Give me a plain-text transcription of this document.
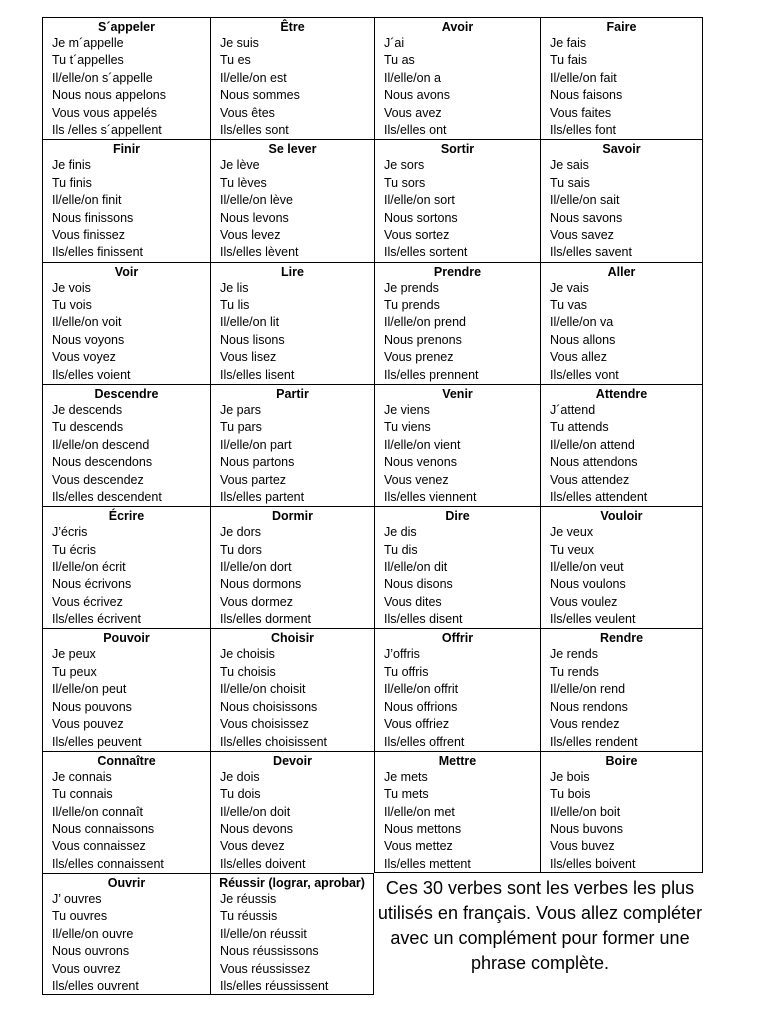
S´appeler
Je m´appelle
Tu t´appelles
Il/elle/on s´appelle
Nous nous appelons
Vous vous appelés
Ils /elles s´appellent
Être
Je suis
Tu es
Il/elle/on est
Nous sommes
Vous êtes
Ils/elles sont
Avoir
J´ai
Tu as
Il/elle/on a
Nous avons
Vous avez
Ils/elles ont
Faire
Je fais
Tu fais
Il/elle/on fait
Nous faisons
Vous faites
Ils/elles font
Finir
Je finis
Tu finis
Il/elle/on finit
Nous finissons
Vous finissez
Ils/elles finissent
Se lever
Je lève
Tu lèves
Il/elle/on lève
Nous levons
Vous levez
Ils/elles lèvent
Sortir
Je sors
Tu sors
Il/elle/on sort
Nous sortons
Vous sortez
Ils/elles sortent
Savoir
Je sais
Tu sais
Il/elle/on sait
Nous savons
Vous savez
Ils/elles savent
Voir
Je vois
Tu vois
Il/elle/on voit
Nous voyons
Vous voyez
Ils/elles voient
Lire
Je lis
Tu lis
Il/elle/on lit
Nous lisons
Vous lisez
Ils/elles lisent
Prendre
Je prends
Tu prends
Il/elle/on prend
Nous prenons
Vous prenez
Ils/elles prennent
Aller
Je vais
Tu vas
Il/elle/on va
Nous allons
Vous allez
Ils/elles vont
Descendre
Je descends
Tu descends
Il/elle/on descend
Nous descendons
Vous descendez
Ils/elles descendent
Partir
Je pars
Tu pars
Il/elle/on part
Nous partons
Vous partez
Ils/elles partent
Venir
Je viens
Tu viens
Il/elle/on vient
Nous venons
Vous venez
Ils/elles viennent
Attendre
J´attend
Tu attends
Il/elle/on attend
Nous attendons
Vous attendez
Ils/elles attendent
Écrire
J’écris
Tu écris
Il/elle/on écrit
Nous écrivons
Vous écrivez
Ils/elles écrivent
Dormir
Je dors
Tu dors
Il/elle/on dort
Nous dormons
Vous dormez
Ils/elles dorment
Dire
Je dis
Tu dis
Il/elle/on dit
Nous disons
Vous dites
Ils/elles disent
Vouloir
Je veux
Tu veux
Il/elle/on veut
Nous voulons
Vous voulez
Ils/elles veulent
Pouvoir
Je peux
Tu peux
Il/elle/on peut
Nous pouvons
Vous pouvez
Ils/elles peuvent
Choisir
Je choisis
Tu choisis
Il/elle/on choisit
Nous choisissons
Vous choisissez
Ils/elles choisissent
Offrir
J’offris
Tu offris
Il/elle/on offrit
Nous offrions
Vous offriez
Ils/elles offrent
Rendre
Je rends
Tu rends
Il/elle/on rend
Nous rendons
Vous rendez
Ils/elles rendent
Connaître
Je connais
Tu connais
Il/elle/on connaît
Nous connaissons
Vous connaissez
Ils/elles connaissent
Devoir
Je dois
Tu dois
Il/elle/on doit
Nous devons
Vous devez
Ils/elles doivent
Mettre
Je mets
Tu mets
Il/elle/on met
Nous mettons
Vous mettez
Ils/elles mettent
Boire
Je bois
Tu bois
Il/elle/on boit
Nous buvons
Vous buvez
Ils/elles boivent
Ouvrir
J’ ouvres
Tu ouvres
Il/elle/on ouvre
Nous ouvrons
Vous ouvrez
Ils/elles ouvrent
Réussir (lograr, aprobar)
Je réussis
Tu réussis
Il/elle/on réussit
Nous réussissons
Vous réussissez
Ils/elles réussissent
Ces 30 verbes sont les verbes les plus utilisés en français. Vous allez compléter avec un complément pour former une phrase complète.
